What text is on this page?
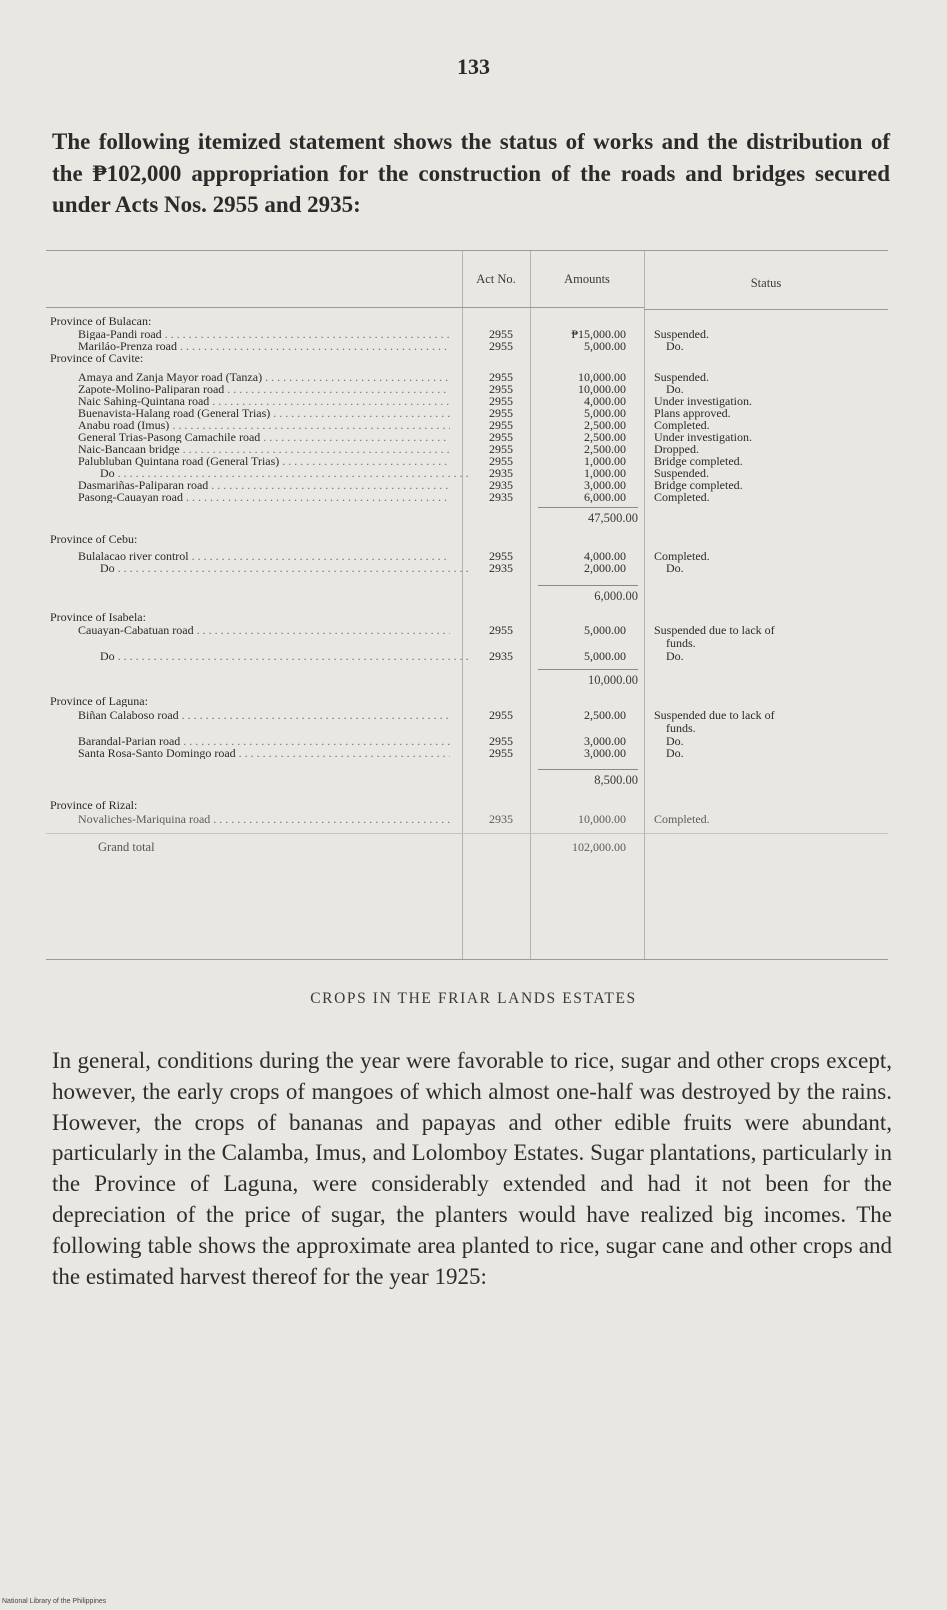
133

The following itemized statement shows the status of works and the distribution of the ₱102,000 appropriation for the construction of the roads and bridges secured under Acts Nos. 2955 and 2935:

Act No.	Amounts	Status
Province of Bulacan:
Bigaa-Pandi road . . .	2955	₱15,000.00 Suspended.
Mariláo-Prenza road . . .	2955	5,000.00	Do.
Province of Cavite:
Amaya and Zanja Mayor road (Tanza) . . .	2955	10,000.00 Suspended.
Zapote-Molino-Paliparan road . . .	2955	10,000.00	Do.
Naic Sahing-Quintana road . . .	2955	4,000.00 Under investigation.
Buenavista-Halang road (General Trias) . . .	2955	5,000.00 Plans approved.
Anabu road (Imus) . . .	2955	2,500.00 Completed.
General Trias-Pasong Camachile road . . .	2955	2,500.00 Under investigation.
Naic-Bancaan bridge . . .	2955	2,500.00 Dropped.
Palubluban Quintana road (General Trias) . . .	2955	1,000.00 Bridge completed.
Do . . .	2935	1,000.00 Suspended.
Dasmariñas-Paliparan road . . .	2935	3,000.00 Bridge completed.
Pasong-Cauayan road . . .	2935	6,000.00 Completed.
47,500.00
Province of Cebu:
Bulalacao river control . . .	2955	4,000.00 Completed.
Do . . .	2935	2,000.00	Do.
6,000.00
Province of Isabela:
Cauayan-Cabatuan road . . .	2955	5,000.00 Suspended due to lack of
funds.
Do . . .	2935	5,000.00	Do.
10,000.00
Province of Laguna:
Biñan Calaboso road . . .	2955	2,500.00 Suspended due to lack of
funds.
Barandal-Parian road . . .	2955	3,000.00	Do.
Santa Rosa-Santo Domingo road . . .	2955	3,000.00	Do.
8,500.00
Province of Rizal:
Novaliches-Mariquina road . . .	2935	10,000.00 Completed.
Grand total	102,000.00
CROPS IN THE FRIAR LANDS ESTATES

In general, conditions during the year were favorable to rice, sugar and other crops except, however, the early crops of mangoes of which almost one-half was destroyed by the rains. However, the crops of bananas and papayas and other edible fruits were abundant, particularly in the Calamba, Imus, and Lolomboy Estates. Sugar plantations, particularly in the Province of Laguna, were considerably extended and had it not been for the depreciation of the price of sugar, the planters would have realized big incomes. The following table shows the approximate area planted to rice, sugar cane and other crops and the estimated harvest thereof for the year 1925:

National Library of the Philippines
